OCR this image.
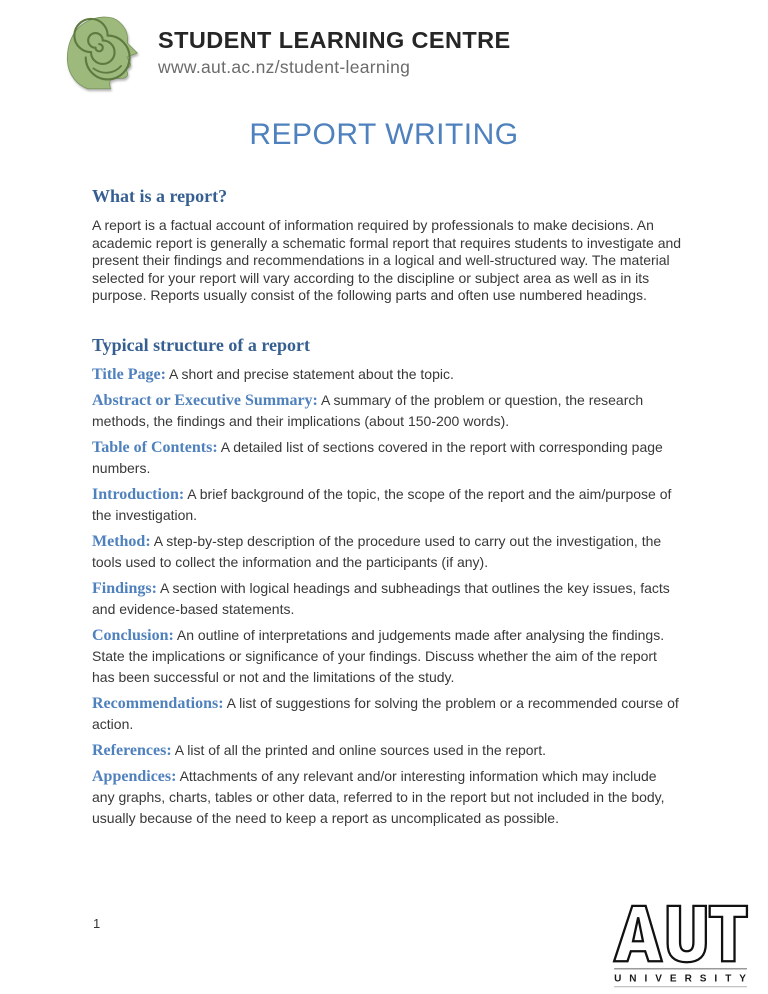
STUDENT LEARNING CENTRE
www.aut.ac.nz/student-learning
REPORT WRITING
What is a report?

A report is a factual account of information required by professionals to make decisions. An academic report is generally a schematic formal report that requires students to investigate and present their findings and recommendations in a logical and well-structured way. The material selected for your report will vary according to the discipline or subject area as well as in its purpose. Reports usually consist of the following parts and often use numbered headings.

Typical structure of a report

Title Page: A short and precise statement about the topic.

Abstract or Executive Summary: A summary of the problem or question, the research methods, the findings and their implications (about 150-200 words).

Table of Contents: A detailed list of sections covered in the report with corresponding page numbers.

Introduction: A brief background of the topic, the scope of the report and the aim/purpose of the investigation.

Method: A step-by-step description of the procedure used to carry out the investigation, the tools used to collect the information and the participants (if any).

Findings: A section with logical headings and subheadings that outlines the key issues, facts and evidence-based statements.

Conclusion: An outline of interpretations and judgements made after analysing the findings. State the implications or significance of your findings. Discuss whether the aim of the report has been successful or not and the limitations of the study.

Recommendations: A list of suggestions for solving the problem or a recommended course of action.

References: A list of all the printed and online sources used in the report.

Appendices: Attachments of any relevant and/or interesting information which may include any graphs, charts, tables or other data, referred to in the report but not included in the body, usually because of the need to keep a report as uncomplicated as possible.

1
UNIVERSITY
